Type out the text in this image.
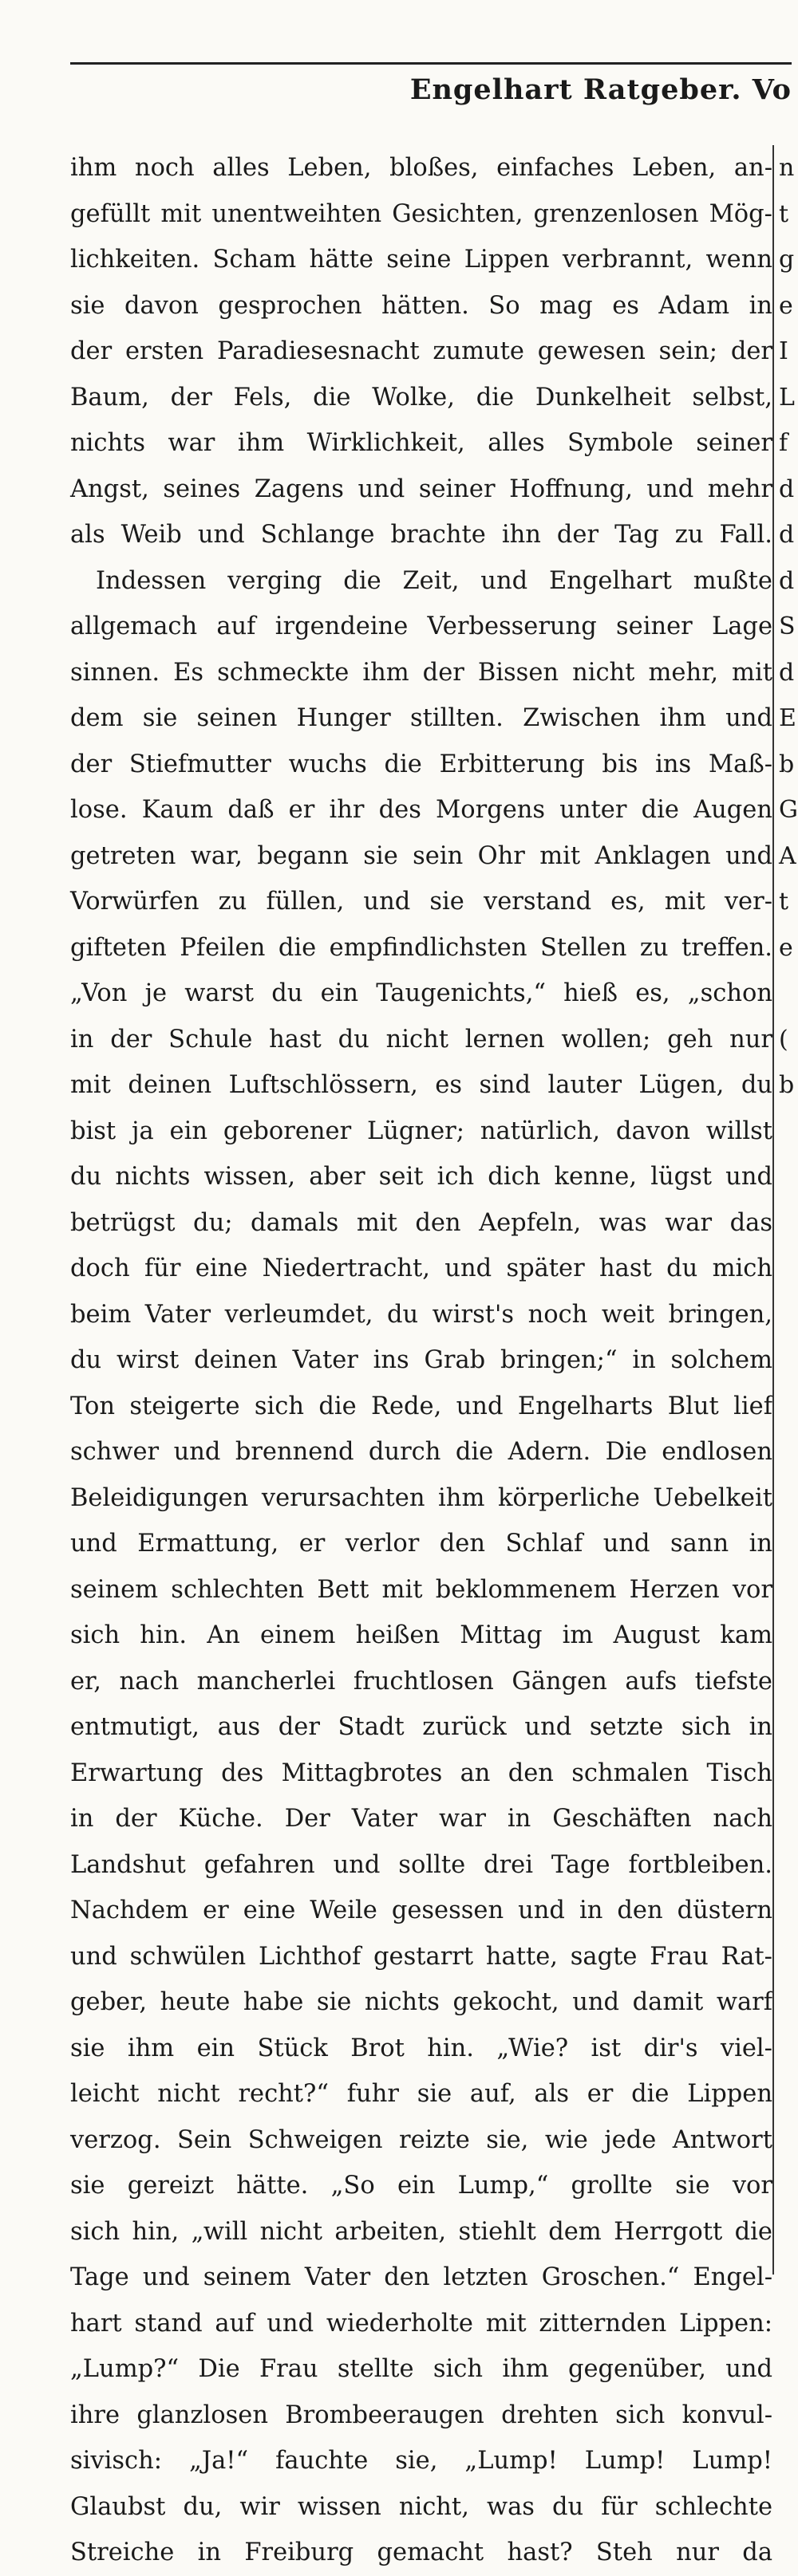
Engelhart Ratgeber. Vo
ihm noch alles Leben, bloßes, einfaches Leben, an-
gefüllt mit unentweihten Gesichten, grenzenlosen Mög-
lichkeiten. Scham hätte seine Lippen verbrannt, wenn
sie davon gesprochen hätten. So mag es Adam in
der ersten Paradiesesnacht zumute gewesen sein; der
Baum, der Fels, die Wolke, die Dunkelheit selbst,
nichts war ihm Wirklichkeit, alles Symbole seiner
Angst, seines Zagens und seiner Hoffnung, und mehr
als Weib und Schlange brachte ihn der Tag zu Fall.
Indessen verging die Zeit, und Engelhart mußte
allgemach auf irgendeine Verbesserung seiner Lage
sinnen. Es schmeckte ihm der Bissen nicht mehr, mit
dem sie seinen Hunger stillten. Zwischen ihm und
der Stiefmutter wuchs die Erbitterung bis ins Maß-
lose. Kaum daß er ihr des Morgens unter die Augen
getreten war, begann sie sein Ohr mit Anklagen und
Vorwürfen zu füllen, und sie verstand es, mit ver-
gifteten Pfeilen die empfindlichsten Stellen zu treffen.
„Von je warst du ein Taugenichts,“ hieß es, „schon
in der Schule hast du nicht lernen wollen; geh nur
mit deinen Luftschlössern, es sind lauter Lügen, du
bist ja ein geborener Lügner; natürlich, davon willst
du nichts wissen, aber seit ich dich kenne, lügst und
betrügst du; damals mit den Aepfeln, was war das
doch für eine Niedertracht, und später hast du mich
beim Vater verleumdet, du wirst's noch weit bringen,
du wirst deinen Vater ins Grab bringen;“ in solchem
Ton steigerte sich die Rede, und Engelharts Blut lief
schwer und brennend durch die Adern. Die endlosen
Beleidigungen verursachten ihm körperliche Uebelkeit
und Ermattung, er verlor den Schlaf und sann in
seinem schlechten Bett mit beklommenem Herzen vor
sich hin. An einem heißen Mittag im August kam
er, nach mancherlei fruchtlosen Gängen aufs tiefste
entmutigt, aus der Stadt zurück und setzte sich in
Erwartung des Mittagbrotes an den schmalen Tisch
in der Küche. Der Vater war in Geschäften nach
Landshut gefahren und sollte drei Tage fortbleiben.
Nachdem er eine Weile gesessen und in den düstern
und schwülen Lichthof gestarrt hatte, sagte Frau Rat-
geber, heute habe sie nichts gekocht, und damit warf
sie ihm ein Stück Brot hin. „Wie? ist dir's viel-
leicht nicht recht?“ fuhr sie auf, als er die Lippen
verzog. Sein Schweigen reizte sie, wie jede Antwort
sie gereizt hätte. „So ein Lump,“ grollte sie vor
sich hin, „will nicht arbeiten, stiehlt dem Herrgott die
Tage und seinem Vater den letzten Groschen.“ Engel-
hart stand auf und wiederholte mit zitternden Lippen:
„Lump?“ Die Frau stellte sich ihm gegenüber, und
ihre glanzlosen Brombeeraugen drehten sich konvul-
sivisch: „Ja!“ fauchte sie, „Lump! Lump! Lump!
Glaubst du, wir wissen nicht, was du für schlechte
Streiche in Freiburg gemacht hast? Steh nur da
n
t
g
e
I
L
f
d
d
d
S
d
E
b
G
A
t
e
(
b
